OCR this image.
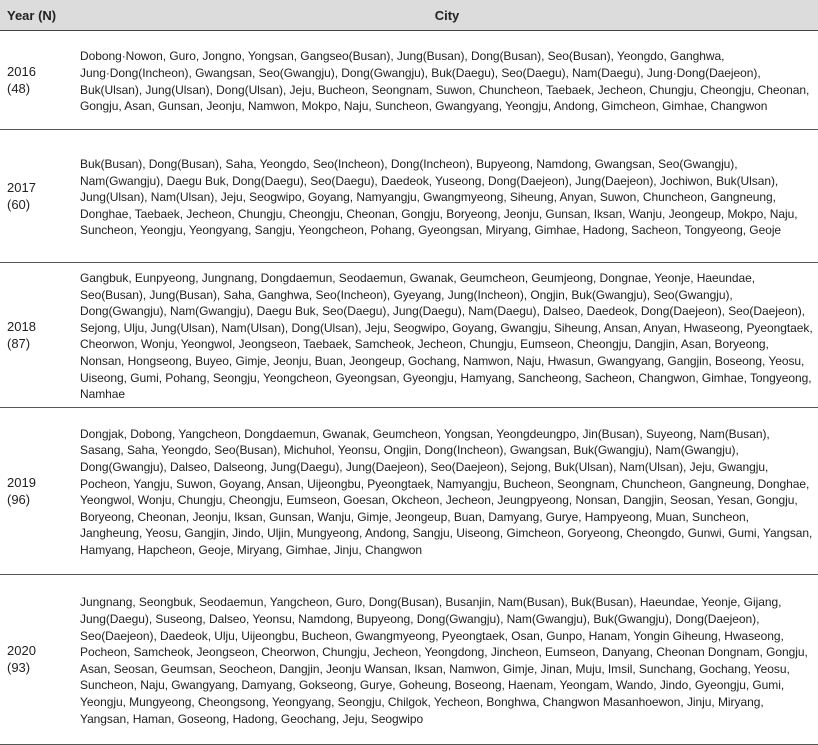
Year (N)	City

2016
(48)	Dobong·Nowon, Guro, Jongno, Yongsan, Gangseo(Busan), Jung(Busan), Dong(Busan), Seo(Busan), Yeongdo, Ganghwa, Jung·Dong(Incheon), Gwangsan, Seo(Gwangju), Dong(Gwangju), Buk(Daegu), Seo(Daegu), Nam(Daegu), Jung·Dong(Daejeon), Buk(Ulsan), Jung(Ulsan), Dong(Ulsan), Jeju, Bucheon, Seongnam, Suwon, Chuncheon, Taebaek, Jecheon, Chungju, Cheongju, Cheonan, Gongju, Asan, Gunsan, Jeonju, Namwon, Mokpo, Naju, Suncheon, Gwangyang, Yeongju, Andong, Gimcheon, Gimhae, Changwon

2017
(60)	Buk(Busan), Dong(Busan), Saha, Yeongdo, Seo(Incheon), Dong(Incheon), Bupyeong, Namdong, Gwangsan, Seo(Gwangju), Nam(Gwangju), Daegu Buk, Dong(Daegu), Seo(Daegu), Daedeok, Yuseong, Dong(Daejeon), Jung(Daejeon), Jochiwon, Buk(Ulsan), Jung(Ulsan), Nam(Ulsan), Jeju, Seogwipo, Goyang, Namyangju, Gwangmyeong, Siheung, Anyan, Suwon, Chuncheon, Gangneung, Donghae, Taebaek, Jecheon, Chungju, Cheongju, Cheonan, Gongju, Boryeong, Jeonju, Gunsan, Iksan, Wanju, Jeongeup, Mokpo, Naju, Suncheon, Yeongju, Yeongyang, Sangju, Yeongcheon, Pohang, Gyeongsan, Miryang, Gimhae, Hadong, Sacheon, Tongyeong, Geoje

2018
(87)	Gangbuk, Eunpyeong, Jungnang, Dongdaemun, Seodaemun, Gwanak, Geumcheon, Geumjeong, Dongnae, Yeonje, Haeundae, Seo(Busan), Jung(Busan), Saha, Ganghwa, Seo(Incheon), Gyeyang, Jung(Incheon), Ongjin, Buk(Gwangju), Seo(Gwangju), Dong(Gwangju), Nam(Gwangju), Daegu Buk, Seo(Daegu), Jung(Daegu), Nam(Daegu), Dalseo, Daedeok, Dong(Daejeon), Seo(Daejeon), Sejong, Ulju, Jung(Ulsan), Nam(Ulsan), Dong(Ulsan), Jeju, Seogwipo, Goyang, Gwangju, Siheung, Ansan, Anyan, Hwaseong, Pyeongtaek, Cheorwon, Wonju, Yeongwol, Jeongseon, Taebaek, Samcheok, Jecheon, Chungju, Eumseon, Cheongju, Dangjin, Asan, Boryeong, Nonsan, Hongseong, Buyeo, Gimje, Jeonju, Buan, Jeongeup, Gochang, Namwon, Naju, Hwasun, Gwangyang, Gangjin, Boseong, Yeosu, Uiseong, Gumi, Pohang, Seongju, Yeongcheon, Gyeongsan, Gyeongju, Hamyang, Sancheong, Sacheon, Changwon, Gimhae, Tongyeong, Namhae

2019
(96)	Dongjak, Dobong, Yangcheon, Dongdaemun, Gwanak, Geumcheon, Yongsan, Yeongdeungpo, Jin(Busan), Suyeong, Nam(Busan), Sasang, Saha, Yeongdo, Seo(Busan), Michuhol, Yeonsu, Ongjin, Dong(Incheon), Gwangsan, Buk(Gwangju), Nam(Gwangju), Dong(Gwangju), Dalseo, Dalseong, Jung(Daegu), Jung(Daejeon), Seo(Daejeon), Sejong, Buk(Ulsan), Nam(Ulsan), Jeju, Gwangju, Pocheon, Yangju, Suwon, Goyang, Ansan, Uijeongbu, Pyeongtaek, Namyangju, Bucheon, Seongnam, Chuncheon, Gangneung, Donghae, Yeongwol, Wonju, Chungju, Cheongju, Eumseon, Goesan, Okcheon, Jecheon, Jeungpyeong, Nonsan, Dangjin, Seosan, Yesan, Gongju, Boryeong, Cheonan, Jeonju, Iksan, Gunsan, Wanju, Gimje, Jeongeup, Buan, Damyang, Gurye, Hampyeong, Muan, Suncheon, Jangheung, Yeosu, Gangjin, Jindo, Uljin, Mungyeong, Andong, Sangju, Uiseong, Gimcheon, Goryeong, Cheongdo, Gunwi, Gumi, Yangsan, Hamyang, Hapcheon, Geoje, Miryang, Gimhae, Jinju, Changwon

2020
(93)	Jungnang, Seongbuk, Seodaemun, Yangcheon, Guro, Dong(Busan), Busanjin, Nam(Busan), Buk(Busan), Haeundae, Yeonje, Gijang, Jung(Daegu), Suseong, Dalseo, Yeonsu, Namdong, Bupyeong, Dong(Gwangju), Nam(Gwangju), Buk(Gwangju), Dong(Daejeon), Seo(Daejeon), Daedeok, Ulju, Uijeongbu, Bucheon, Gwangmyeong, Pyeongtaek, Osan, Gunpo, Hanam, Yongin Giheung, Hwaseong, Pocheon, Samcheok, Jeongseon, Cheorwon, Chungju, Jecheon, Yeongdong, Jincheon, Eumseon, Danyang, Cheonan Dongnam, Gongju, Asan, Seosan, Geumsan, Seocheon, Dangjin, Jeonju Wansan, Iksan, Namwon, Gimje, Jinan, Muju, Imsil, Sunchang, Gochang, Yeosu, Suncheon, Naju, Gwangyang, Damyang, Gokseong, Gurye, Goheung, Boseong, Haenam, Yeongam, Wando, Jindo, Gyeongju, Gumi, Yeongju, Mungyeong, Cheongsong, Yeongyang, Seongju, Chilgok, Yecheon, Bonghwa, Changwon Masanhoewon, Jinju, Miryang, Yangsan, Haman, Goseong, Hadong, Geochang, Jeju, Seogwipo
